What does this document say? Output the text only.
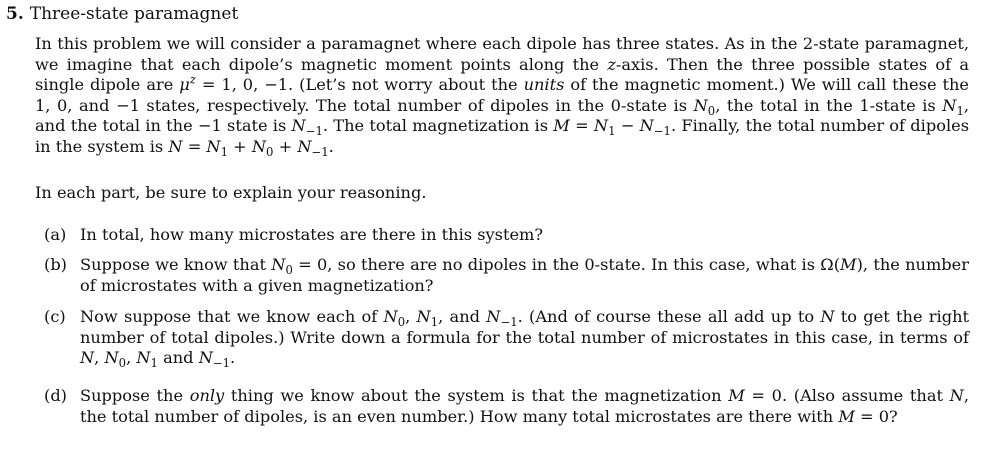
5. Three-state paramagnet
In this problem we will consider a paramagnet where each dipole has three states. As in the 2-state paramagnet, we imagine that each dipole’s magnetic moment points along the z-axis. Then the three possible states of a single dipole are $\mu^z = 1$, 0, −1. (Let’s not worry about the units of the magnetic moment.) We will call these the 1, 0, and −1 states, respectively. The total number of dipoles in the 0-state is $N_0$, the total in the 1-state is $N_1$, and the total in the −1 state is $N_{-1}$. The total magnetization is $M = N_1 - N_{-1}$. Finally, the total number of dipoles in the system is $N = N_1 + N_0 + N_{-1}$.
In each part, be sure to explain your reasoning.
(a) In total, how many microstates are there in this system?
(b) Suppose we know that $N_0 = 0$, so there are no dipoles in the 0-state. In this case, what is Ω(M), the number of microstates with a given magnetization?
(c) Now suppose that we know each of $N_0$, $N_1$, and $N_{-1}$. (And of course these all add up to N to get the right number of total dipoles.) Write down a formula for the total number of microstates in this case, in terms of N, $N_0$, $N_1$ and $N_{-1}$.
(d) Suppose the only thing we know about the system is that the magnetization M = 0. (Also assume that N, the total number of dipoles, is an even number.) How many total microstates are there with M = 0?
